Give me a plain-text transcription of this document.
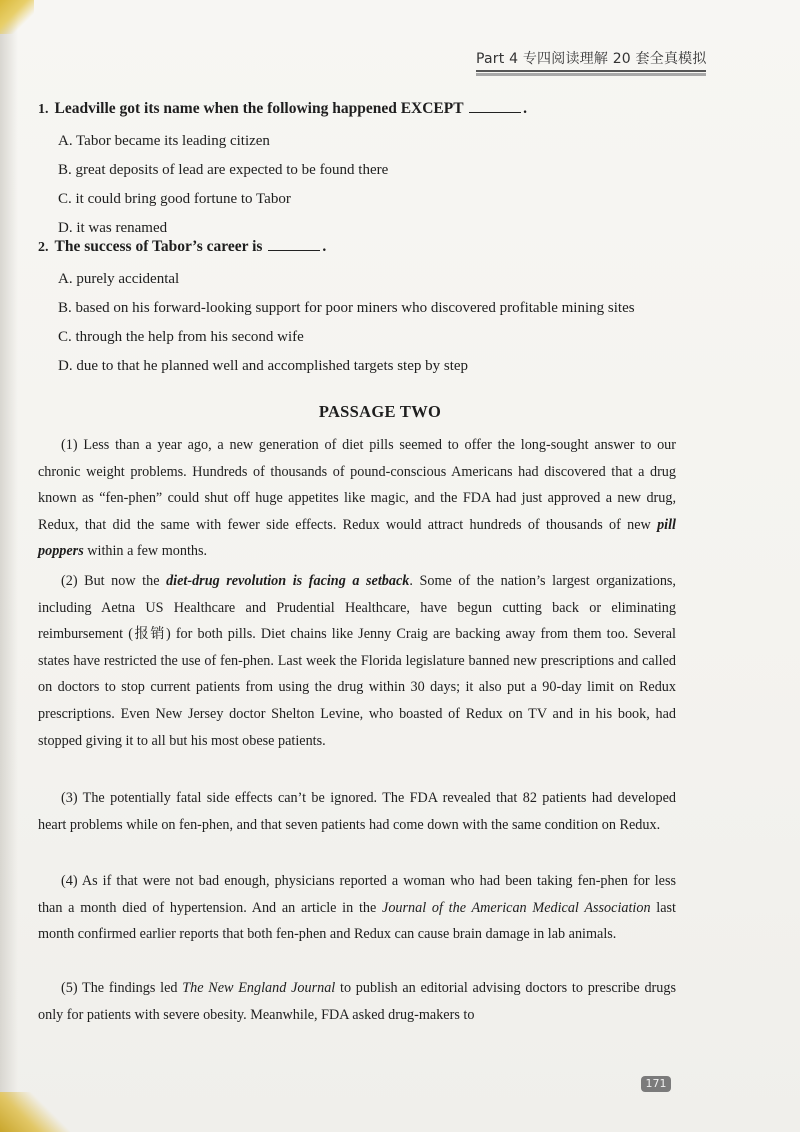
Part 4 专四阅读理解 20 套全真模拟
1. Leadville got its name when the following happened EXCEPT	.
A. Tabor became its leading citizen
B. great deposits of lead are expected to be found there
C. it could bring good fortune to Tabor
D. it was renamed
2. The success of Tabor’s career is	.
A. purely accidental
B. based on his forward-looking support for poor miners who discovered profitable mining sites
C. through the help from his second wife
D. due to that he planned well and accomplished targets step by step
PASSAGE TWO

(1) Less than a year ago, a new generation of diet pills seemed to offer the long-sought answer to our chronic weight problems. Hundreds of thousands of pound-conscious Americans had discovered that a drug known as “fen-phen” could shut off huge appetites like magic, and the FDA had just approved a new drug, Redux, that did the same with fewer side effects. Redux would attract hundreds of thousands of new pill poppers within a few months.

(2) But now the diet-drug revolution is facing a setback. Some of the nation’s largest organizations, including Aetna US Healthcare and Prudential Healthcare, have begun cutting back or eliminating reimbursement (报销) for both pills. Diet chains like Jenny Craig are backing away from them too. Several states have restricted the use of fen-phen. Last week the Florida legislature banned new prescriptions and called on doctors to stop current patients from using the drug within 30 days; it also put a 90-day limit on Redux prescriptions. Even New Jersey doctor Shelton Levine, who boasted of Redux on TV and in his book, had stopped giving it to all but his most obese patients.

(3) The potentially fatal side effects can’t be ignored. The FDA revealed that 82 patients had developed heart problems while on fen-phen, and that seven patients had come down with the same condition on Redux.

(4) As if that were not bad enough, physicians reported a woman who had been taking fen-phen for less than a month died of hypertension. And an article in the Journal of the American Medical Association last month confirmed earlier reports that both fen-phen and Redux can cause brain damage in lab animals.

(5) The findings led The New England Journal to publish an editorial advising doctors to prescribe drugs only for patients with severe obesity. Meanwhile, FDA asked drug-makers to

171
